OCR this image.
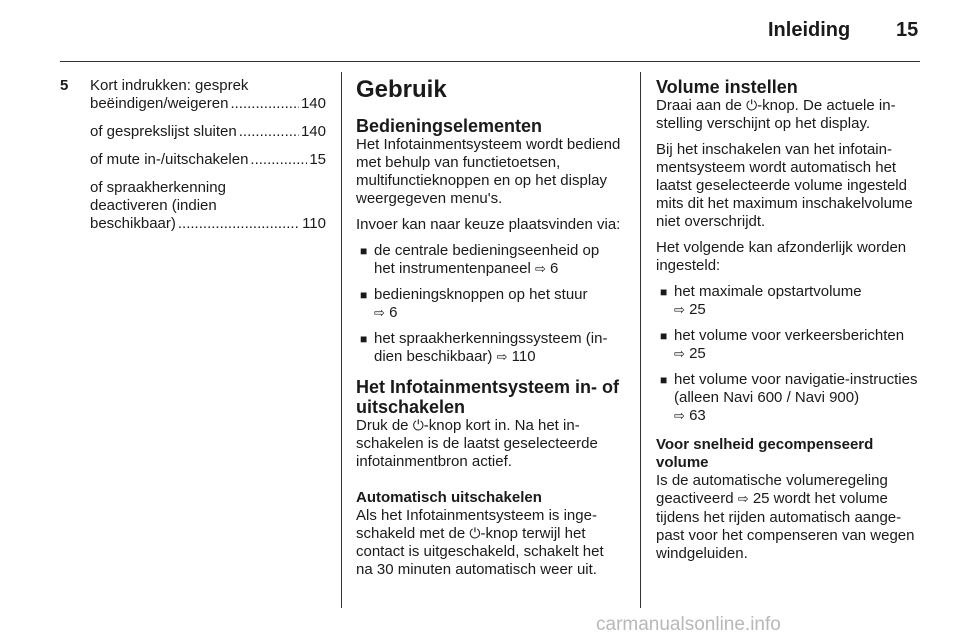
Inleiding 15
5 Kort indrukken: gesprek
beëindigen/weigeren .....	140
of gesprekslijst sluiten .....	140
of mute in-/uitschakelen .....	15
of spraakherkenning
deactiveren (indien
beschikbaar) .....	110
Gebruik
Bedieningselementen

Het Infotainmentsysteem wordt bediend met behulp van functietoetsen, multifunctieknoppen en op het display weergegeven menu's.

Invoer kan naar keuze plaatsvinden via:

■ de centrale bedieningseenheid op het instrumentenpaneel ⇨ 6
■ bedieningsknoppen op het stuur
⇨ 6
■ het spraakherkenningssysteem (indien beschikbaar) ⇨ 110
Het Infotainmentsysteem in- of uitschakelen

Druk de ⏻-knop kort in. Na het inschakelen is de laatst geselecteerde infotainmentbron actief.

Automatisch uitschakelen

Als het Infotainmentsysteem is ingeschakeld met de ⏻-knop terwijl het contact is uitgeschakeld, schakelt het na 30 minuten automatisch weer uit.

Volume instellen

Draai aan de ⏻-knop. De actuele instelling verschijnt op het display.

Bij het inschakelen van het infotainmentsysteem wordt automatisch het laatst geselecteerde volume ingesteld mits dit het maximum inschakelvolume niet overschrijdt.

Het volgende kan afzonderlijk worden ingesteld:

■ het maximale opstartvolume
⇨ 25
■ het volume voor verkeersberichten
⇨ 25
■ het volume voor navigatie-instructies (alleen Navi 600 / Navi 900)
⇨ 63
Voor snelheid gecompenseerd volume

Is de automatische volumeregeling geactiveerd ⇨ 25 wordt het volume tijdens het rijden automatisch aangepast voor het compenseren van wegen windgeluiden.

carmanualsonline.info
